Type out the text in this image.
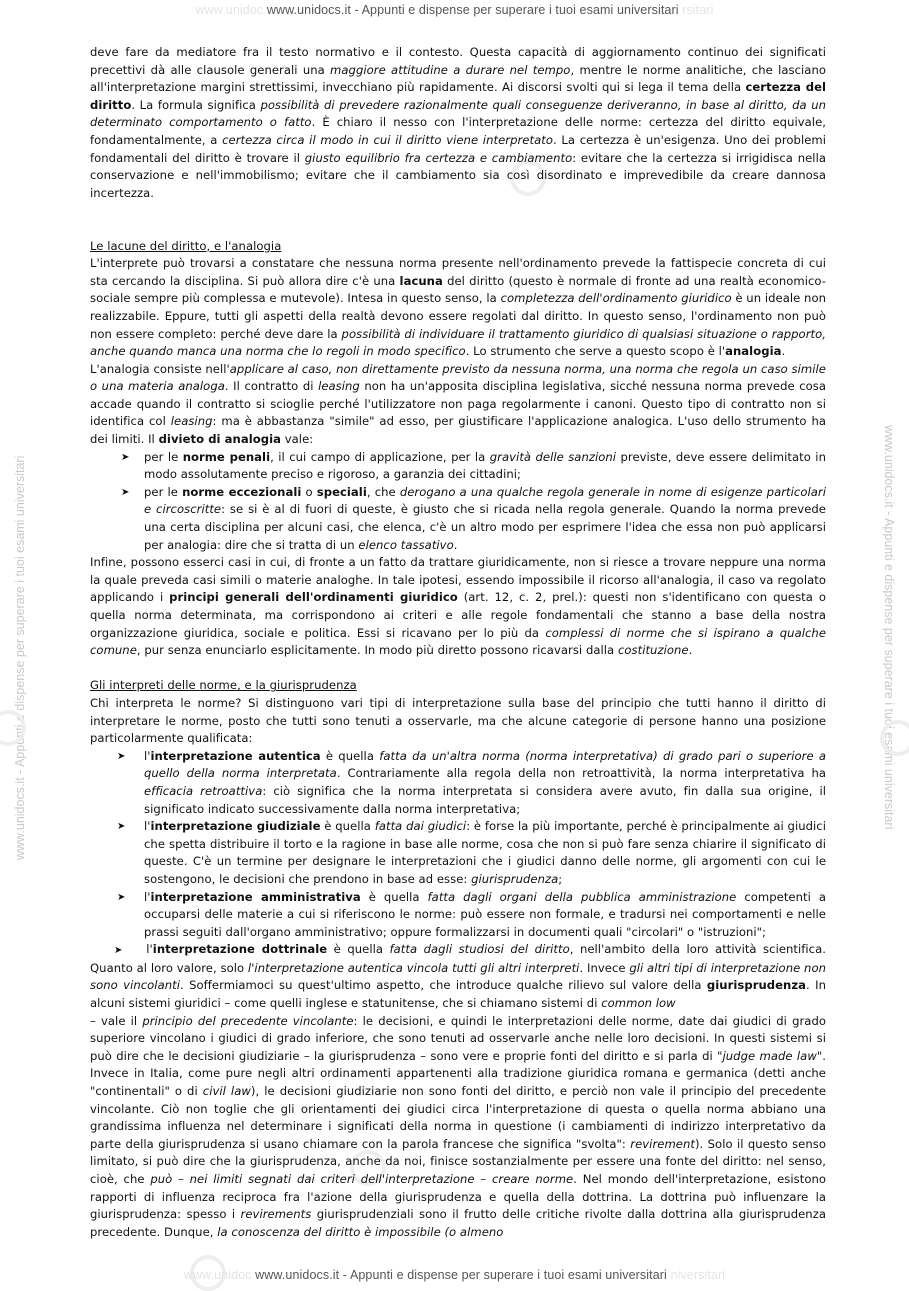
www.unidoc www.unidocs.it - Appunti e dispense per superare i tuoi esami universitari rsitari
www.unidocs.it - Appunti e dispense per superare i tuoi esami universitari	www.unidocs.it - Appunti e dispense per superare i tuoi esami universitari

deve fare da mediatore fra il testo normativo e il contesto. Questa capacità di aggiornamento continuo dei significati precettivi dà alle clausole generali una maggiore attitudine a durare nel tempo, mentre le norme analitiche, che lasciano all'interpretazione margini strettissimi, invecchiano più rapidamente. Ai discorsi svolti qui si lega il tema della certezza del diritto. La formula significa possibilità di prevedere razionalmente quali conseguenze deriveranno, in base al diritto, da un determinato comportamento o fatto. È chiaro il nesso con l'interpretazione delle norme: certezza del diritto equivale, fondamentalmente, a certezza circa il modo in cui il diritto viene interpretato. La certezza è un'esigenza. Uno dei problemi fondamentali del diritto è trovare il giusto equilibrio fra certezza e cambiamento: evitare che la certezza si irrigidisca nella conservazione e nell'immobilismo; evitare che il cambiamento sia così disordinato e imprevedibile da creare dannosa incertezza.

Le lacune del diritto, e l'analogia

L'interprete può trovarsi a constatare che nessuna norma presente nell'ordinamento prevede la fattispecie concreta di cui sta cercando la disciplina. Si può allora dire c'è una lacuna del diritto (questo è normale di fronte ad una realtà economico-sociale sempre più complessa e mutevole). Intesa in questo senso, la completezza dell'ordinamento giuridico è un ideale non realizzabile. Eppure, tutti gli aspetti della realtà devono essere regolati dal diritto. In questo senso, l'ordinamento non può non essere completo: perché deve dare la possibilità di individuare il trattamento giuridico di qualsiasi situazione o rapporto, anche quando manca una norma che lo regoli in modo specifico. Lo strumento che serve a questo scopo è l'analogia.

L'analogia consiste nell'applicare al caso, non direttamente previsto da nessuna norma, una norma che regola un caso simile o una materia analoga. Il contratto di leasing non ha un'apposita disciplina legislativa, sicché nessuna norma prevede cosa accade quando il contratto si scioglie perché l'utilizzatore non paga regolarmente i canoni. Questo tipo di contratto non si identifica col leasing: ma è abbastanza "simile" ad esso, per giustificare l'applicazione analogica. L'uso dello strumento ha dei limiti. Il divieto di analogia vale:

➤ per le norme penali, il cui campo di applicazione, per la gravità delle sanzioni previste, deve essere delimitato in modo assolutamente preciso e rigoroso, a garanzia dei cittadini;
➤ per le norme eccezionali o speciali, che derogano a una qualche regola generale in nome di esigenze particolari e circoscritte: se si è al di fuori di queste, è giusto che si ricada nella regola generale. Quando la norma prevede una certa disciplina per alcuni casi, che elenca, c'è un altro modo per esprimere l'idea che essa non può applicarsi per analogia: dire che si tratta di un elenco tassativo.

Infine, possono esserci casi in cui, di fronte a un fatto da trattare giuridicamente, non si riesce a trovare neppure una norma la quale preveda casi simili o materie analoghe. In tale ipotesi, essendo impossibile il ricorso all'analogia, il caso va regolato applicando i principi generali dell'ordinamenti giuridico (art. 12, c. 2, prel.): questi non s'identificano con questa o quella norma determinata, ma corrispondono ai criteri e alle regole fondamentali che stanno a base della nostra organizzazione giuridica, sociale e politica. Essi si ricavano per lo più da complessi di norme che si ispirano a qualche comune, pur senza enunciarlo esplicitamente. In modo più diretto possono ricavarsi dalla costituzione.

Gli interpreti delle norme, e la giurisprudenza

Chi interpreta le norme? Si distinguono vari tipi di interpretazione sulla base del principio che tutti hanno il diritto di interpretare le norme, posto che tutti sono tenuti a osservarle, ma che alcune categorie di persone hanno una posizione particolarmente qualificata:

➤ l'interpretazione autentica è quella fatta da un'altra norma (norma interpretativa) di grado pari o superiore a quello della norma interpretata. Contrariamente alla regola della non retroattività, la norma interpretativa ha efficacia retroattiva: ciò significa che la norma interpretata si considera avere avuto, fin dalla sua origine, il significato indicato successivamente dalla norma interpretativa;
➤ l'interpretazione giudiziale è quella fatta dai giudici: è forse la più importante, perché è principalmente ai giudici che spetta distribuire il torto e la ragione in base alle norme, cosa che non si può fare senza chiarire il significato di queste. C'è un termine per designare le interpretazioni che i giudici danno delle norme, gli argomenti con cui le sostengono, le decisioni che prendono in base ad esse: giurisprudenza;
➤ l'interpretazione amministrativa è quella fatta dagli organi della pubblica amministrazione competenti a occuparsi delle materie a cui si riferiscono le norme: può essere non formale, e tradursi nei comportamenti e nelle prassi seguiti dall'organo amministrativo; oppure formalizzarsi in documenti quali "circolari" o "istruzioni";

➤    l'interpretazione dottrinale è quella fatta dagli studiosi del diritto, nell'ambito della loro attività scientifica. Quanto al loro valore, solo l'interpretazione autentica vincola tutti gli altri interpreti. Invece gli altri tipi di interpretazione non sono vincolanti. Soffermiamoci su quest'ultimo aspetto, che introduce qualche rilievo sul valore della giurisprudenza. In alcuni sistemi giuridici – come quelli inglese e statunitense, che si chiamano sistemi di common low

– vale il principio del precedente vincolante: le decisioni, e quindi le interpretazioni delle norme, date dai giudici di grado superiore vincolano i giudici di grado inferiore, che sono tenuti ad osservarle anche nelle loro decisioni. In questi sistemi si può dire che le decisioni giudiziarie – la giurisprudenza – sono vere e proprie fonti del diritto e si parla di "judge made law". Invece in Italia, come pure negli altri ordinamenti appartenenti alla tradizione giuridica romana e germanica (detti anche "continentali" o di civil law), le decisioni giudiziarie non sono fonti del diritto, e perciò non vale il principio del precedente vincolante. Ciò non toglie che gli orientamenti dei giudici circa l'interpretazione di questa o quella norma abbiano una grandissima influenza nel determinare i significati della norma in questione (i cambiamenti di indirizzo interpretativo da parte della giurisprudenza si usano chiamare con la parola francese che significa "svolta": revirement). Solo il questo senso limitato, si può dire che la giurisprudenza, anche da noi, finisce sostanzialmente per essere una fonte del diritto: nel senso, cioè, che può – nei limiti segnati dai criteri dell'interpretazione – creare norme. Nel mondo dell'interpretazione, esistono rapporti di influenza reciproca fra l'azione della giurisprudenza e quella della dottrina. La dottrina può influenzare la giurisprudenza: spesso i revirements giurisprudenziali sono il frutto delle critiche rivolte dalla dottrina alla giurisprudenza precedente. Dunque, la conoscenza del diritto è impossibile (o almeno

www.unidoc www.unidocs.it - Appunti e dispense per superare i tuoi esami universitari niversitari
